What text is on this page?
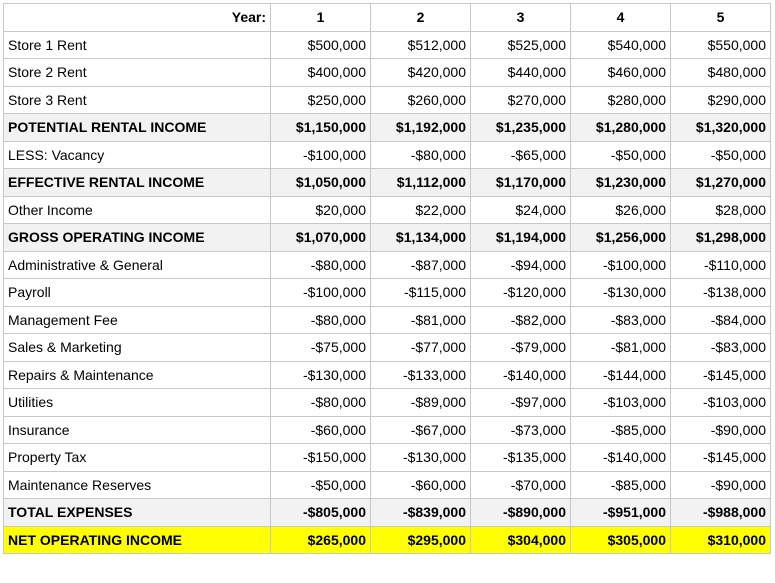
Year:	1	2	3	4	5
Store 1 Rent	$500,000	$512,000	$525,000	$540,000	$550,000
Store 2 Rent	$400,000	$420,000	$440,000	$460,000	$480,000
Store 3 Rent	$250,000	$260,000	$270,000	$280,000	$290,000
POTENTIAL RENTAL INCOME	$1,150,000	$1,192,000	$1,235,000	$1,280,000	$1,320,000
LESS: Vacancy	-$100,000	-$80,000	-$65,000	-$50,000	-$50,000
EFFECTIVE RENTAL INCOME	$1,050,000	$1,112,000	$1,170,000	$1,230,000	$1,270,000
Other Income	$20,000	$22,000	$24,000	$26,000	$28,000
GROSS OPERATING INCOME	$1,070,000	$1,134,000	$1,194,000	$1,256,000	$1,298,000
Administrative & General	-$80,000	-$87,000	-$94,000	-$100,000	-$110,000
Payroll	-$100,000	-$115,000	-$120,000	-$130,000	-$138,000
Management Fee	-$80,000	-$81,000	-$82,000	-$83,000	-$84,000
Sales & Marketing	-$75,000	-$77,000	-$79,000	-$81,000	-$83,000
Repairs & Maintenance	-$130,000	-$133,000	-$140,000	-$144,000	-$145,000
Utilities	-$80,000	-$89,000	-$97,000	-$103,000	-$103,000
Insurance	-$60,000	-$67,000	-$73,000	-$85,000	-$90,000
Property Tax	-$150,000	-$130,000	-$135,000	-$140,000	-$145,000
Maintenance Reserves	-$50,000	-$60,000	-$70,000	-$85,000	-$90,000
TOTAL EXPENSES	-$805,000	-$839,000	-$890,000	-$951,000	-$988,000
NET OPERATING INCOME	$265,000	$295,000	$304,000	$305,000	$310,000
